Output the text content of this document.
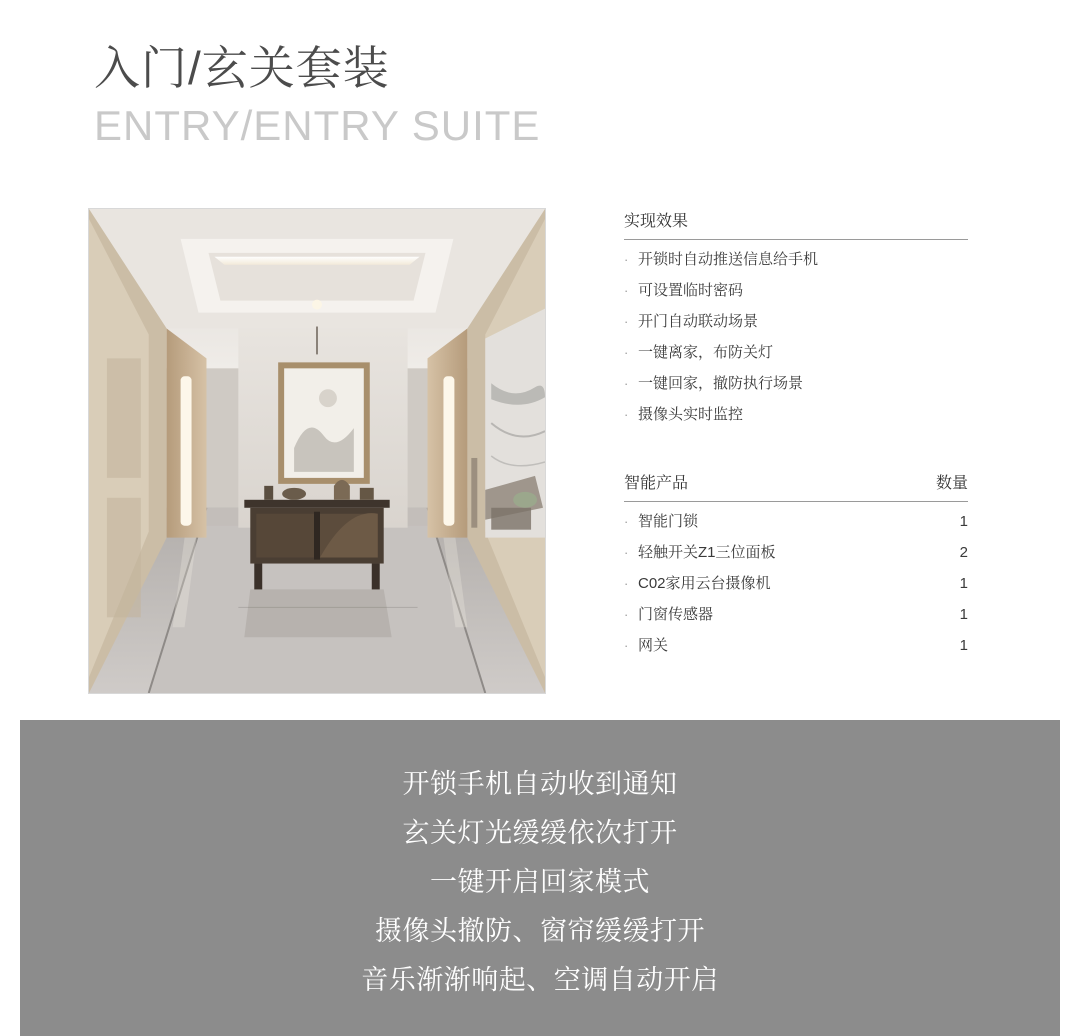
入门/玄关套装
ENTRY/ENTRY SUITE
实现效果
· 开锁时自动推送信息给手机
· 可设置临时密码
· 开门自动联动场景
· 一键离家，布防关灯
· 一键回家，撤防执行场景
· 摄像头实时监控
智能产品	数量
· 智能门锁	1
· 轻触开关Z1三位面板	2
· C02家用云台摄像机	1
· 门窗传感器	1
· 网关	1

开锁手机自动收到通知

玄关灯光缓缓依次打开

一键开启回家模式

摄像头撤防、窗帘缓缓打开

音乐渐渐响起、空调自动开启
